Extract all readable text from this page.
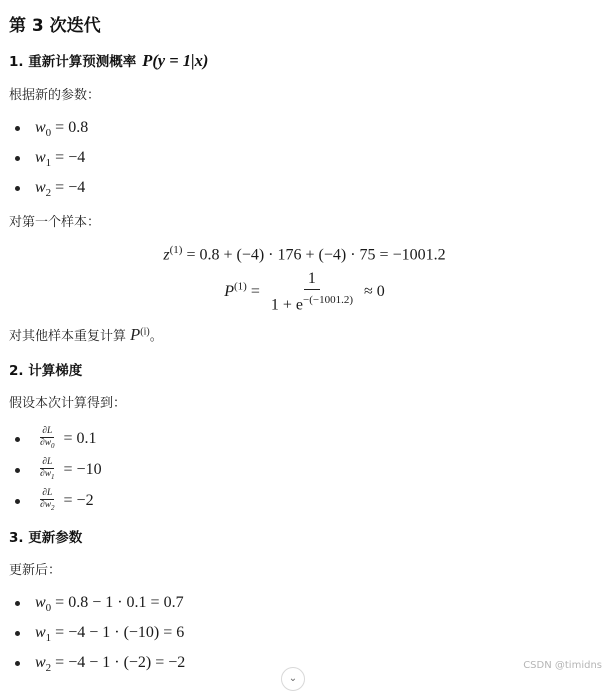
第 3 次迭代
1. 重新计算预测概率 P(y = 1|x)

根据新的参数：

$w_0 = 0.8$
$w_1 = -4$
$w_2 = -4$

对第一个样本：

$z^{(1)} = 0.8 + (-4) \cdot 176 + (-4) \cdot 75 = -1001.2$
$P^{(1)} = \frac{1}{1 + e^{-(-1001.2)}} \approx 0$

对其他样本重复计算 $P^{(i)}$。

2. 计算梯度

假设本次计算得到：

$\frac{\partial L}{\partial w_0} = 0.1$
$\frac{\partial L}{\partial w_1} = -10$
$\frac{\partial L}{\partial w_2} = -2$
3. 更新参数

更新后：

$w_0 = 0.8 - 1 \cdot 0.1 = 0.7$
$w_1 = -4 - 1 \cdot (-10) = 6$
$w_2 = -4 - 1 \cdot (-2) = -2$
⌄
CSDN @timidns
